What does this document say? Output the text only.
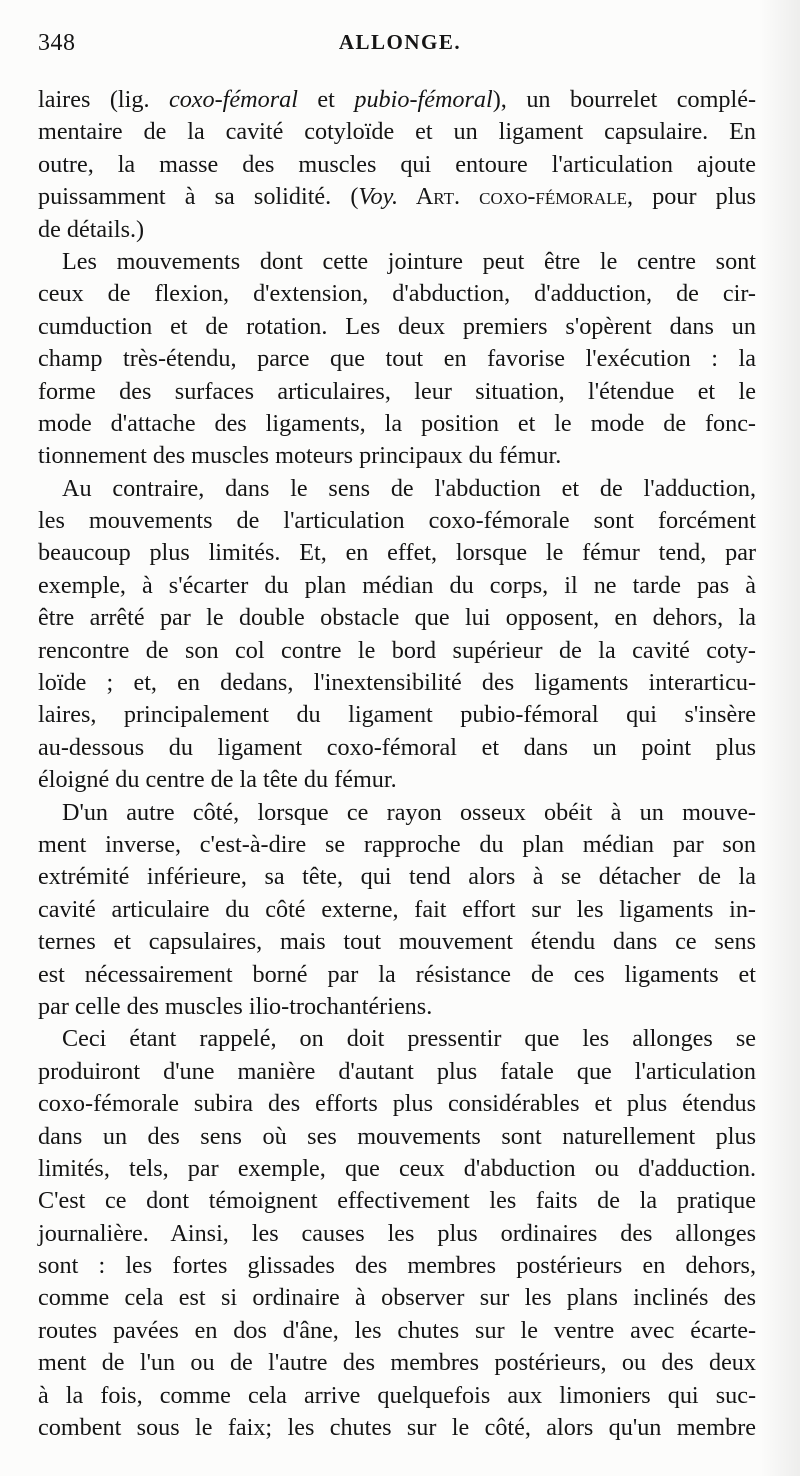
348	ALLONGE.
laires (lig. coxo-fémoral et pubio-fémoral), un bourrelet complé-
mentaire de la cavité cotyloïde et un ligament capsulaire. En
outre, la masse des muscles qui entoure l'articulation ajoute
puissamment à sa solidité. (Voy. Art. coxo-fémorale, pour plus
de détails.)
Les mouvements dont cette jointure peut être le centre sont
ceux de flexion, d'extension, d'abduction, d'adduction, de cir-
cumduction et de rotation. Les deux premiers s'opèrent dans un
champ très-étendu, parce que tout en favorise l'exécution : la
forme des surfaces articulaires, leur situation, l'étendue et le
mode d'attache des ligaments, la position et le mode de fonc-
tionnement des muscles moteurs principaux du fémur.
Au contraire, dans le sens de l'abduction et de l'adduction,
les mouvements de l'articulation coxo-fémorale sont forcément
beaucoup plus limités. Et, en effet, lorsque le fémur tend, par
exemple, à s'écarter du plan médian du corps, il ne tarde pas à
être arrêté par le double obstacle que lui opposent, en dehors, la
rencontre de son col contre le bord supérieur de la cavité coty-
loïde ; et, en dedans, l'inextensibilité des ligaments interarticu-
laires, principalement du ligament pubio-fémoral qui s'insère
au-dessous du ligament coxo-fémoral et dans un point plus
éloigné du centre de la tête du fémur.
D'un autre côté, lorsque ce rayon osseux obéit à un mouve-
ment inverse, c'est-à-dire se rapproche du plan médian par son
extrémité inférieure, sa tête, qui tend alors à se détacher de la
cavité articulaire du côté externe, fait effort sur les ligaments in-
ternes et capsulaires, mais tout mouvement étendu dans ce sens
est nécessairement borné par la résistance de ces ligaments et
par celle des muscles ilio-trochantériens.
Ceci étant rappelé, on doit pressentir que les allonges se
produiront d'une manière d'autant plus fatale que l'articulation
coxo-fémorale subira des efforts plus considérables et plus étendus
dans un des sens où ses mouvements sont naturellement plus
limités, tels, par exemple, que ceux d'abduction ou d'adduction.
C'est ce dont témoignent effectivement les faits de la pratique
journalière. Ainsi, les causes les plus ordinaires des allonges
sont : les fortes glissades des membres postérieurs en dehors,
comme cela est si ordinaire à observer sur les plans inclinés des
routes pavées en dos d'âne, les chutes sur le ventre avec écarte-
ment de l'un ou de l'autre des membres postérieurs, ou des deux
à la fois, comme cela arrive quelquefois aux limoniers qui suc-
combent sous le faix; les chutes sur le côté, alors qu'un membre
